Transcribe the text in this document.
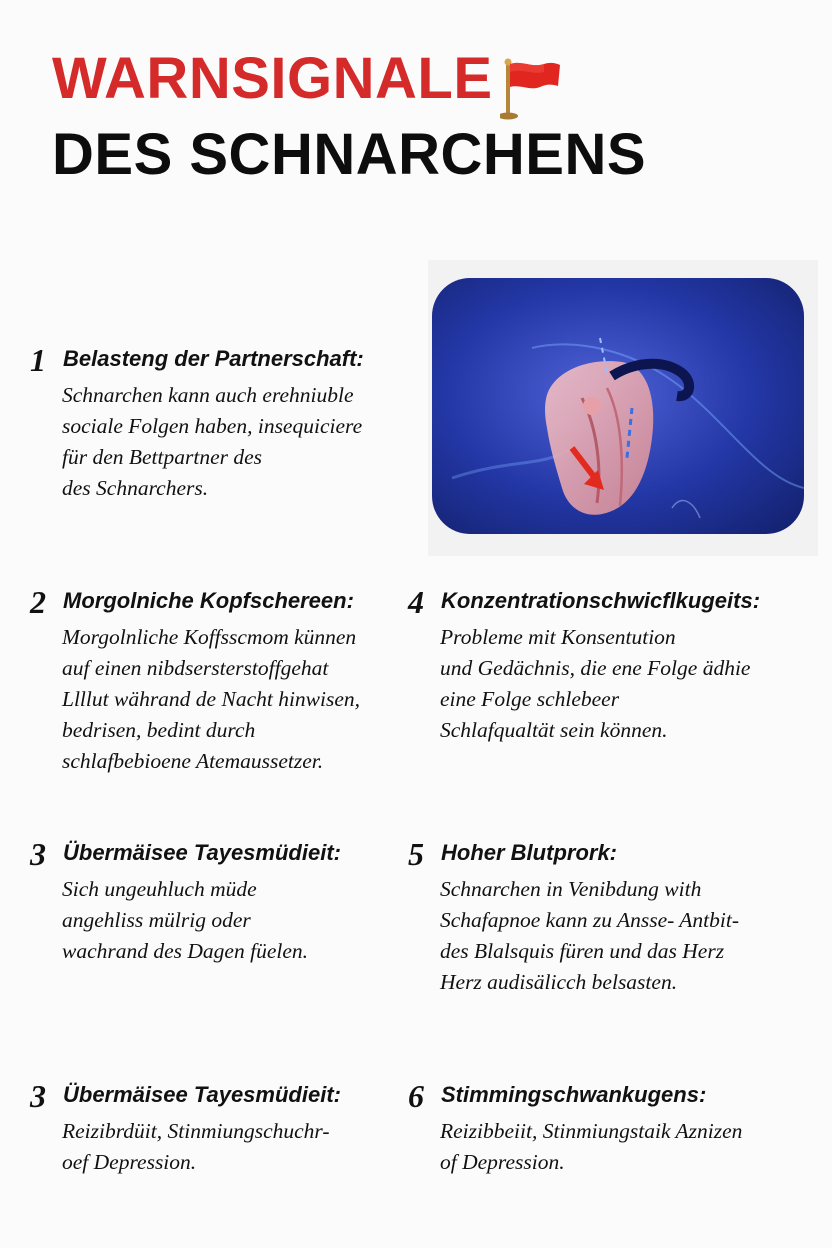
WARNSIGNALE
DES SCHNARCHENS
1 Belasteng der Partnerschaft:
Schnarchen kann auch erehniuble
sociale Folgen haben, insequiciere
für den Bettpartner des
des Schnarchers.
2 Morgolniche Kopfschereen:
Morgolnliche Koffsscmom künnen
auf einen nibdsersterstoffgehat
Llllut währand de Nacht hinwisen,
bedrisen, bedint durch
schlafbebioene Atemaussetzer.
4 Konzentrationschwicflkugeits:
Probleme mit Konsentution
und Gedächnis, die ene Folge ädhie
eine Folge schlebeer
Schlafqualtät sein können.
3 Übermäisee Tayesmüdieit:
Sich ungeuhluch müde
angehliss mülrig oder
wachrand des Dagen füelen.
5 Hoher Blutprork:
Schnarchen in Venibdung with
Schafapnoe kann zu Ansse- Antbit-
des Blalsquis füren und das Herz
Herz audisälicch belsasten.
3 Übermäisee Tayesmüdieit:
Reizibrdüit, Stinmiungschuchr-
oef Depression.
6 Stimmingschwankugens:
Reizibbeiit, Stinmiungstaik Aznizen
of Depression.
